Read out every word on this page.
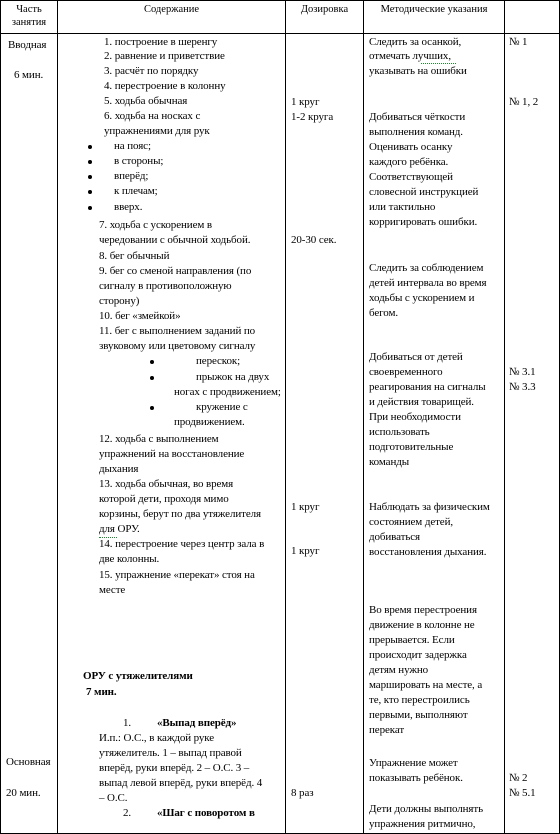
Часть занятия
Содержание	Дозировка	Методические указания
Вводная
6 мин.
Основная
20 мин.
1. построение в шеренгу
2. равнение и приветствие
3. расчёт по порядку
4. перестроение в колонну
5. ходьба обычная
6. ходьба на носках с
упражнениями для рук
на пояс;
в стороны;
вперёд;
к плечам;
вверх.
7. ходьба с ускорением в
чередовании с обычной ходьбой.
8. бег обычный
9. бег со сменой направления (по
сигналу в противоположную
сторону)
10. бег «змейкой»
11. бег с выполнением заданий по
звуковому или цветовому сигналу
перескок;
прыжок на двух
ногах с продвижением;
кружение с
продвижением.
12. ходьба с выполнением
упражнений на восстановление
дыхания
13. ходьба обычная, во время
которой дети, проходя мимо
корзины, берут по два утяжелителя
для ОРУ.
14. перестроение через центр зала в
две колонны.
15. упражнение «перекат» стоя на
месте
ОРУ с утяжелителями
7 мин.
1. «Выпад вперёд»
И.п.: О.С., в каждой руке
утяжелитель. 1 – выпад правой
вперёд, руки вперёд. 2 – О.С. 3 –
выпад левой вперёд, руки вперёд. 4
– О.С.
2. «Шаг с поворотом в
1 круг
1-2 круга
20-30 сек.
1 круг
1 круг
8 раз
Следить за осанкой,
отмечать лучших,
указывать на ошибки
Добиваться чёткости
выполнения команд.
Оценивать осанку
каждого ребёнка.
Соответствующей
словесной инструкцией
или тактильно
корригировать ошибки.
Следить за соблюдением
детей интервала во время
ходьбы с ускорением и
бегом.
Добиваться от детей
своевременного
реагирования на сигналы
и действия товарищей.
При необходимости
использовать
подготовительные
команды
Наблюдать за физическим
состоянием детей,
добиваться
восстановления дыхания.
Во время перестроения
движение в колонне не
прерывается. Если
происходит задержка
детям нужно
маршировать на месте, а
те, кто перестроились
первыми, выполняют
перекат
Упражнение может
показывать ребёнок.
Дети должны выполнять
упражнения ритмично,
№ 1
№ 1, 2
№ 3.1
№ 3.3
№ 2
№ 5.1
